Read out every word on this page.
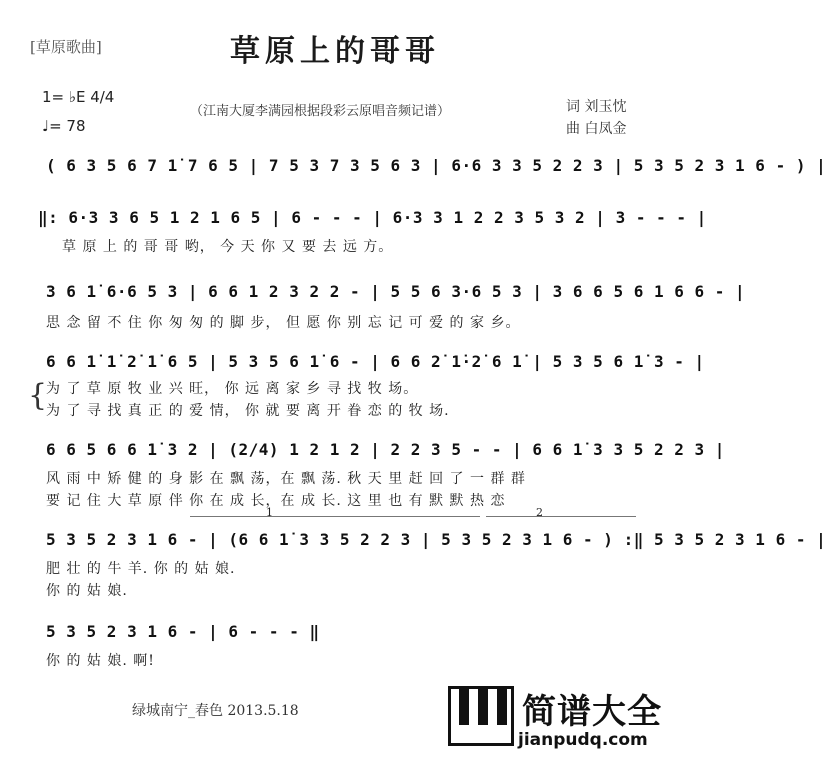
[草原歌曲]	草原上的哥哥
1= ♭E 4/4
♩= 78
（江南大厦李满园根据段彩云原唱音频记谱）	词 刘玉忱
曲 白凤金
( 6 3 5 6 7 1̇ 7 6 5 | 7 5 3 7 3 5 6 3 | 6·6 3 3 5 2 2 3 | 5 3 5 2 3 1 6 - ) |
‖: 6·3 3 6 5 1 2 1 6 5 | 6 - - - | 6·3 3 1 2 2 3 5 3 2 | 3 - - - |
草 原 上 的 哥 哥 哟， 今 天 你 又 要 去 远 方。
3 6 1̇ 6·6 5 3 | 6 6 1 2 3 2 2 - | 5 5 6 3·6 5 3 | 3 6 6 5 6 1 6 6 - |
思 念 留 不 住 你 匆 匆 的 脚 步， 但 愿 你 别 忘 记 可 爱 的 家 乡。
6 6 1̇ 1̇ 2̇ 1̇ 6 5 | 5 3 5 6 1̇ 6 - | 6 6 2̇ 1̇·2̇ 6 1̇ | 5 3 5 6 1̇ 3 - |
{
为 了 草 原 牧 业 兴 旺， 你 远 离 家 乡 寻 找 牧 场。
为 了 寻 找 真 正 的 爱 情， 你 就 要 离 开 眷 恋 的 牧 场.
6 6 5 6 6 1̇ 3 2 | (2/4) 1 2 1 2 | 2 2 3 5 - - | 6 6 1̇ 3 3 5 2 2 3 |
风 雨 中 矫 健 的 身 影 在 飘 荡，在 飘 荡. 秋 天 里 赶 回 了 一 群 群
要 记 住 大 草 原 伴 你 在 成 长，在 成 长. 这 里 也 有 默 默 热 恋
1	2
5 3 5 2 3 1 6 - | (6 6 1̇ 3 3 5 2 2 3 | 5 3 5 2 3 1 6 - ) :‖ 5 3 5 2 3 1 6 - |
肥 壮 的 牛 羊. 你 的 姑 娘.
你 的 姑 娘.
5 3 5 2 3 1 6 - | 6 - - - ‖
你 的 姑 娘. 啊!
绿城南宁_春色 2013.5.18	简谱大全
jianpudq.com
